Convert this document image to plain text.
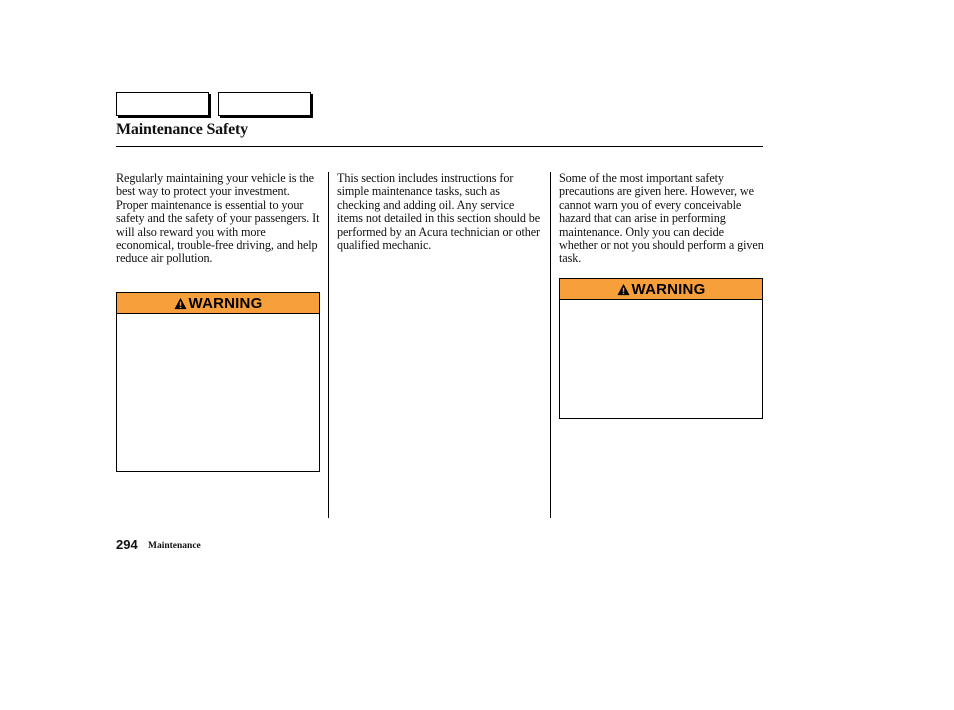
Maintenance Safety

Regularly maintaining your vehicle is the best way to protect your investment. Proper maintenance is essential to your safety and the safety of your passengers. It will also reward you with more economical, trouble-free driving, and help reduce air pollution.

This section includes instructions for simple maintenance tasks, such as checking and adding oil. Any service items not detailed in this section should be performed by an Acura technician or other qualified mechanic.

Some of the most important safety precautions are given here. However, we cannot warn you of every conceivable hazard that can arise in performing maintenance. Only you can decide whether or not you should perform a given task.

WARNING
WARNING
294 Maintenance
